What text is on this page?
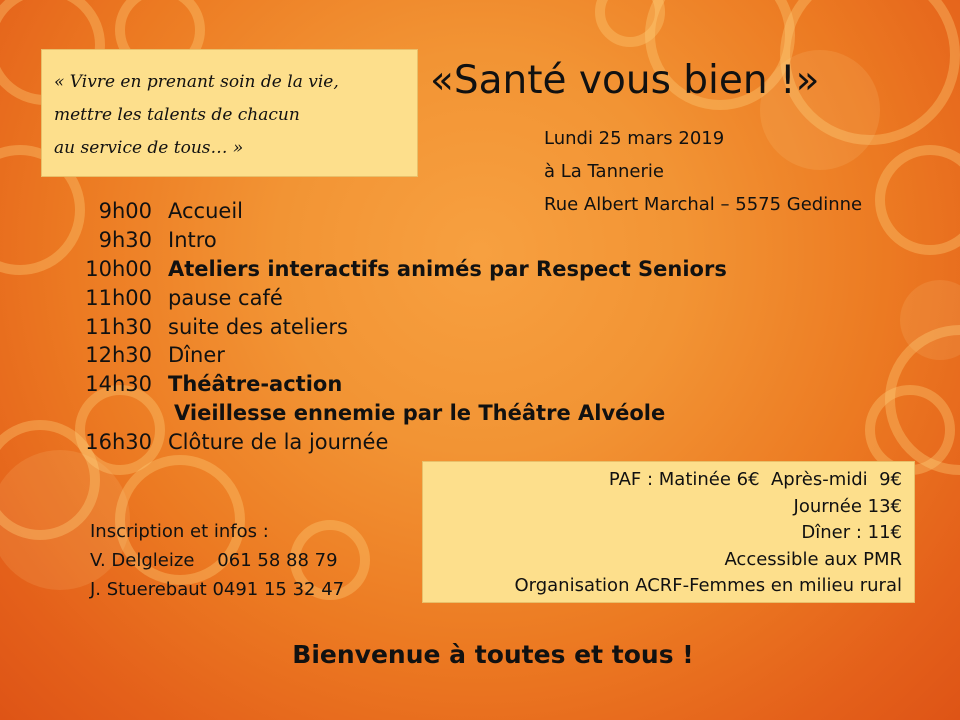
« Vivre en prenant soin de la vie,
mettre les talents de chacun
au service de tous… »
«Santé vous bien !»
Lundi 25 mars 2019
à La Tannerie
Rue Albert Marchal – 5575 Gedinne
9h00 Accueil
9h30 Intro
10h00 Ateliers interactifs animés par Respect Seniors
11h00 pause café
11h30 suite des ateliers
12h30 Dîner
14h30 Théâtre-action
Vieillesse ennemie par le Théâtre Alvéole
16h30 Clôture de la journée
Inscription et infos :
V. Delgleize    061 58 88 79
J. Stuerebaut 0491 15 32 47
PAF : Matinée 6€  Après-midi  9€
Journée 13€
Dîner : 11€
Accessible aux PMR
Organisation ACRF-Femmes en milieu rural
Bienvenue à toutes et tous !
